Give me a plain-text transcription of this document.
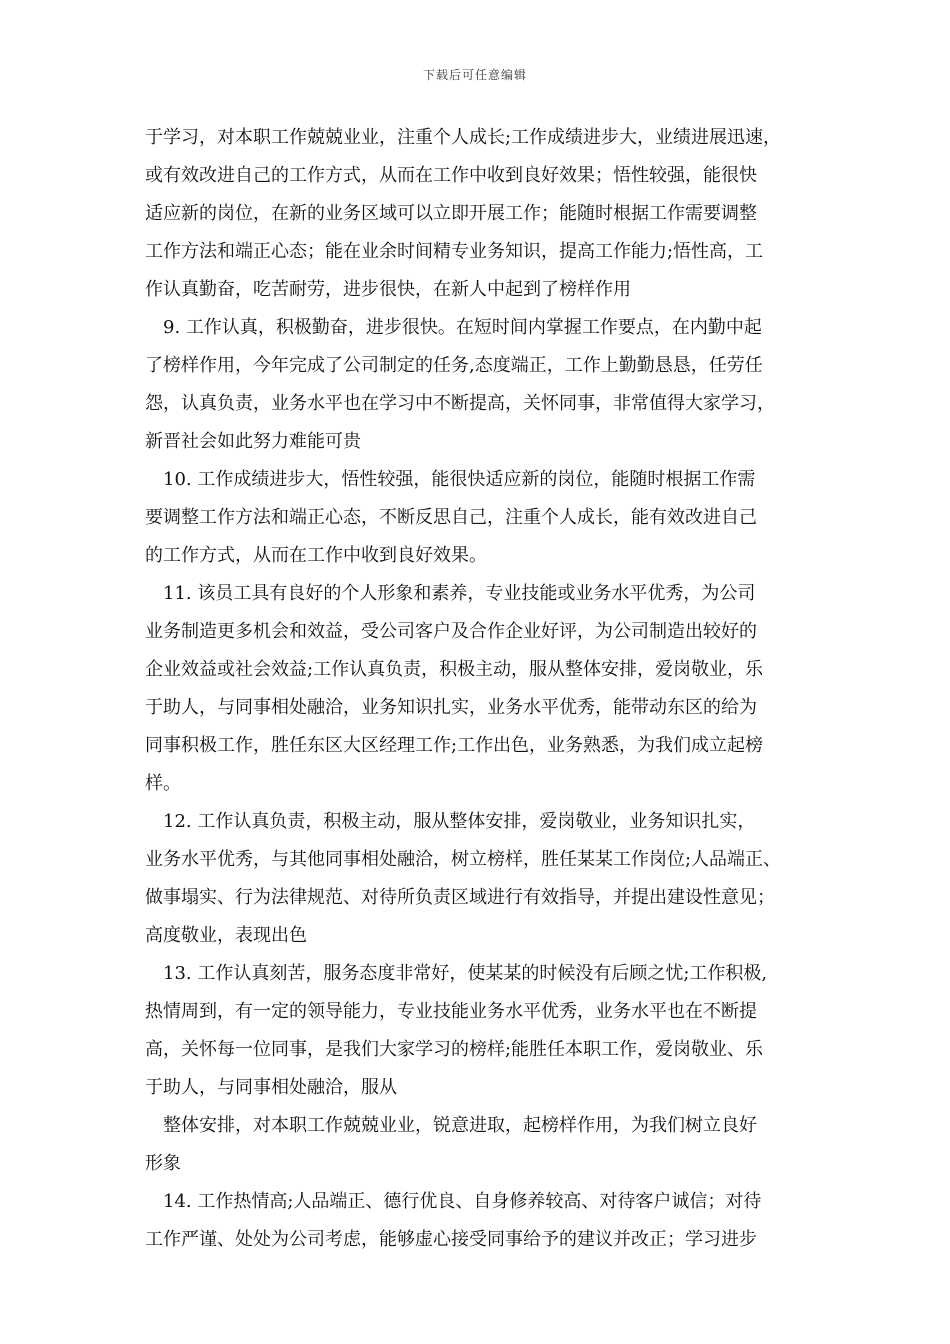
下载后可任意编辑
于学习，对本职工作兢兢业业，注重个人成长;工作成绩进步大，业绩进展迅速，
或有效改进自己的工作方式，从而在工作中收到良好效果；悟性较强，能很快
适应新的岗位，在新的业务区域可以立即开展工作；能随时根据工作需要调整
工作方法和端正心态；能在业余时间精专业务知识，提高工作能力;悟性高，工
作认真勤奋，吃苦耐劳，进步很快，在新人中起到了榜样作用
9. 工作认真，积极勤奋，进步很快。在短时间内掌握工作要点，在内勤中起
了榜样作用，今年完成了公司制定的任务,态度端正，工作上勤勤恳恳，任劳任
怨，认真负责，业务水平也在学习中不断提高，关怀同事，非常值得大家学习，
新晋社会如此努力难能可贵
10. 工作成绩进步大，悟性较强，能很快适应新的岗位，能随时根据工作需
要调整工作方法和端正心态，不断反思自己，注重个人成长，能有效改进自己
的工作方式，从而在工作中收到良好效果。
11. 该员工具有良好的个人形象和素养，专业技能或业务水平优秀，为公司
业务制造更多机会和效益，受公司客户及合作企业好评，为公司制造出较好的
企业效益或社会效益;工作认真负责，积极主动，服从整体安排，爱岗敬业，乐
于助人，与同事相处融洽，业务知识扎实，业务水平优秀，能带动东区的给为
同事积极工作，胜任东区大区经理工作;工作出色，业务熟悉，为我们成立起榜
样。
12. 工作认真负责，积极主动，服从整体安排，爱岗敬业，业务知识扎实，
业务水平优秀，与其他同事相处融洽，树立榜样，胜任某某工作岗位;人品端正、
做事塌实、行为法律规范、对待所负责区域进行有效指导，并提出建设性意见；
高度敬业，表现出色
13. 工作认真刻苦，服务态度非常好，使某某的时候没有后顾之忧;工作积极,
热情周到，有一定的领导能力，专业技能业务水平优秀，业务水平也在不断提
高，关怀每一位同事，是我们大家学习的榜样;能胜任本职工作，爱岗敬业、乐
于助人，与同事相处融洽，服从
整体安排，对本职工作兢兢业业，锐意进取，起榜样作用，为我们树立良好
形象
14. 工作热情高;人品端正、德行优良、自身修养较高、对待客户诚信；对待
工作严谨、处处为公司考虑，能够虚心接受同事给予的建议并改正；学习进步
